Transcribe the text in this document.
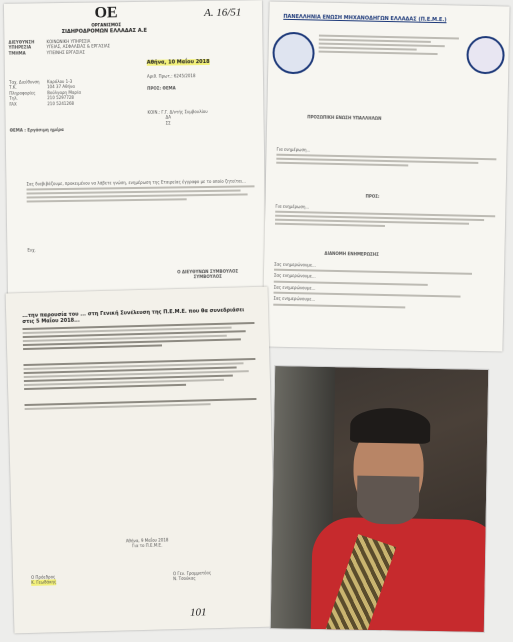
OE
ΟΡΓΑΝΙΣΜΟΣ
ΣΙΔΗΡΟΔΡΟΜΩΝ ΕΛΛΑΔΑΣ Α.Ε
Α. 16/51
ΔΙΕΥΘΥΝΣΗ	ΚΟΙΝΩΝΙΚΗ ΥΠΗΡΕΣΙΑ
ΥΠΗΡΕΣΙΑ	ΥΓΕΙΑΣ, ΑΣΦΑΛΕΙΑΣ & ΕΡΓΑΣΙΑΣ
ΤΜΗΜΑ	ΥΓΙΕΙΝΗΣ ΕΡΓΑΣΙΑΣ
Αθήνα, 10 Μαΐου 2018
Αριθ. Πρωτ.: 6245/2018
ΠΡΟΣ: ΘΕΜΑ
Ταχ. Διεύθυνση	Καρόλου 1-3
Τ.Κ.	104 37 Αθήνα
Πληροφορίες	Βούλγαρη Μαρία
Τηλ.	210 5297728
FAX	210 5241268
ΚΟΙΝ.: Γ.Γ. Δ/ντής Συμβουλίου
ΔΑ
ΣΣ
ΘΕΜΑ : Εργάσιμη ημέρα
Σας διαβιβάζουμε, προκειμένου να λάβετε γνώση, ενημέρωση της Εταιρείας έγγραφο με το οποίο ζητείται...
Ευχ.
Ο ΔΙΕΥΘΥΝΩΝ ΣΥΜΒΟΥΛΟΣ
ΣΥΜΒΟΥΛΟΣ
ΠΑΝΕΛΛΗΝΙΑ ΕΝΩΣΗ ΜΗΧΑΝΟΔΗΓΩΝ ΕΛΛΑΔΑΣ (Π.Ε.Μ.Ε.)
ΠΡΟΣΩΠΙΚΗ ΕΝΩΣΗ ΥΠΑΛΛΗΛΩΝ
Για ενημέρωση...
ΠΡΟΣ:
Για ενημέρωση...
ΔΙΑΝΟΜΗ ΕΝΗΜΕΡΩΣΗΣ
Σας ενημερώνουμε...
Σας ενημερώνουμε...
Σας ενημερώνουμε...
Σας ενημερώνουμε...
...την παρουσία του ... στη Γενική Συνέλευση της Π.Ε.Μ.Ε. που θα συνεδριάσει στις 5 Μαΐου 2018...
Αθήνα, 9 Μαΐου 2018
Για το Π.Ε.Μ.Ε.
Ο Πρόεδρος
Κ. Γεωδάκης
Ο Γεν. Γραμματέας
Ν. Τσούκας
101
